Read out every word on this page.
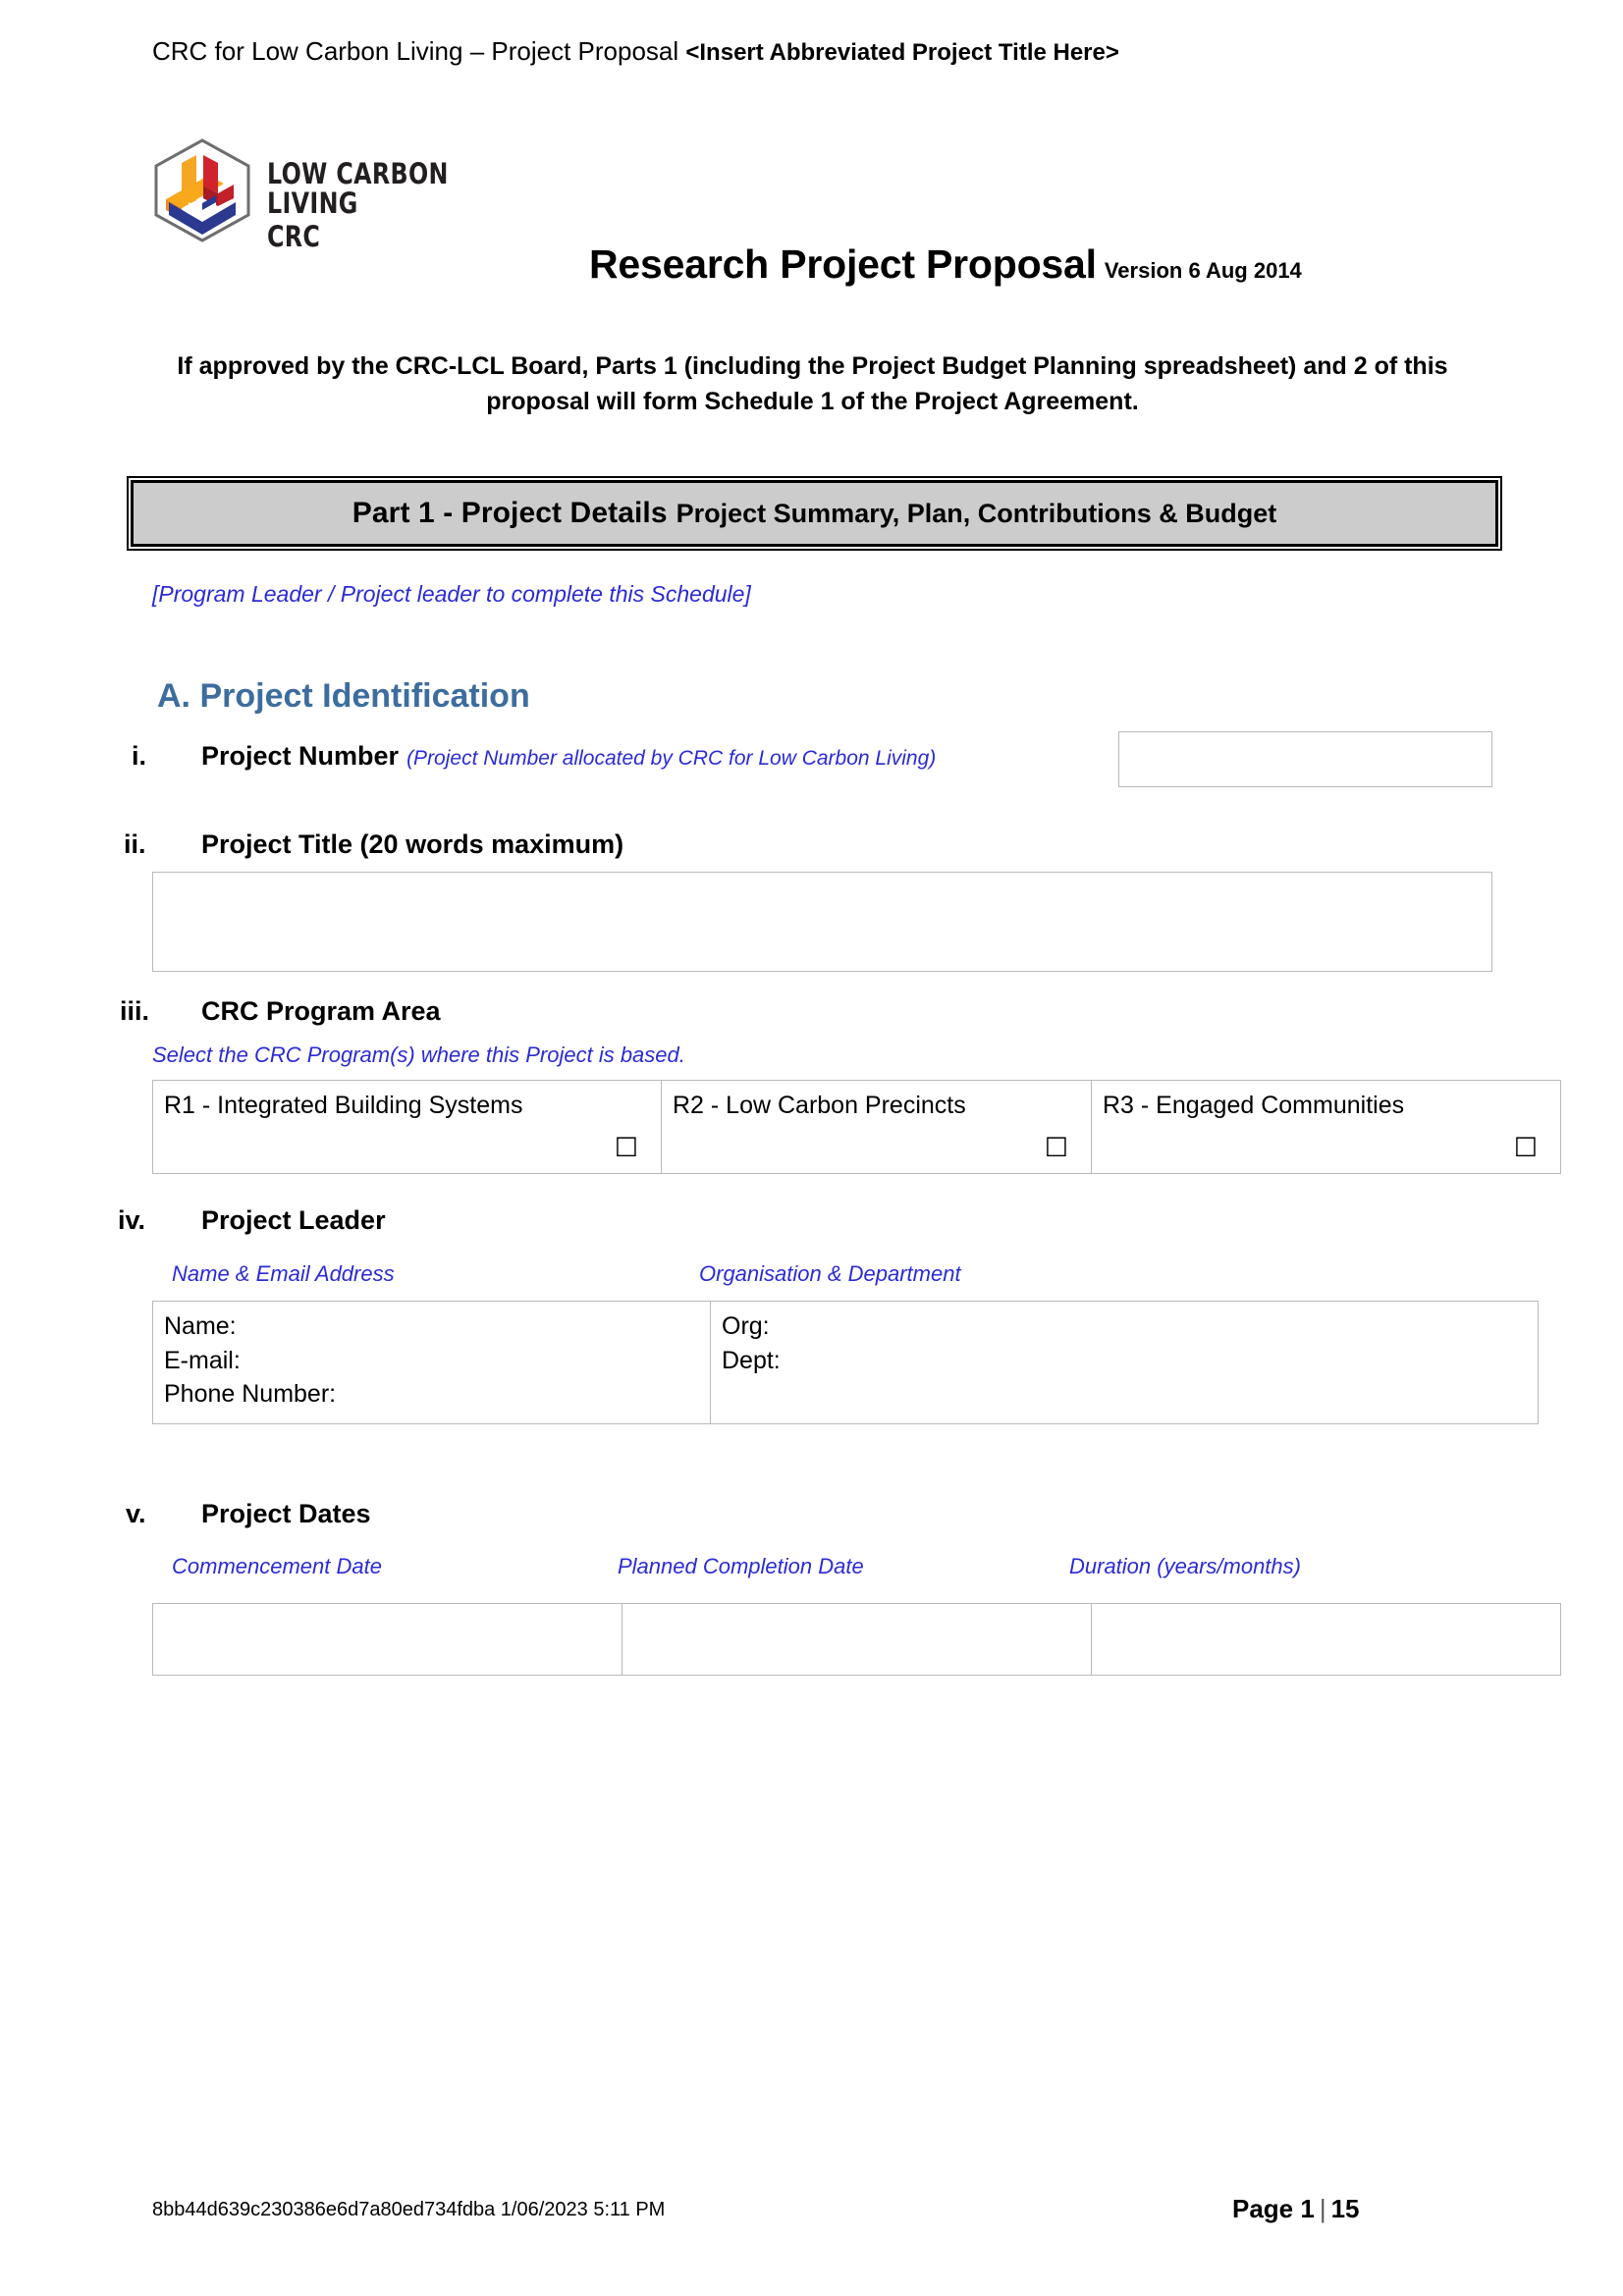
CRC for Low Carbon Living – Project Proposal <Insert Abbreviated Project Title Here>
LOW CARBON LIVING
CRC
Research Project Proposal Version 6 Aug 2014
If approved by the CRC-LCL Board, Parts 1 (including the Project Budget Planning spreadsheet) and 2 of this proposal will form Schedule 1 of the Project Agreement.
Part 1 - Project Details Project Summary, Plan, Contributions & Budget
[Program Leader / Project leader to complete this Schedule]
A. Project Identification
i. Project Number (Project Number allocated by CRC for Low Carbon Living)
ii. Project Title (20 words maximum)
iii. CRC Program Area
Select the CRC Program(s) where this Project is based.
R1 - Integrated Building Systems
☐

R2 - Low Carbon Precincts
☐

R3 - Engaged Communities
☐
iv. Project Leader
Name & Email Address	Organisation & Department
Name:
E-mail:
Phone Number:

Org:
Dept:
v. Project Dates
Commencement Date	Planned Completion Date	Duration (years/months)

8bb44d639c230386e6d7a80ed734fdba 1/06/2023 5:11 PM	Page 1 | 15
